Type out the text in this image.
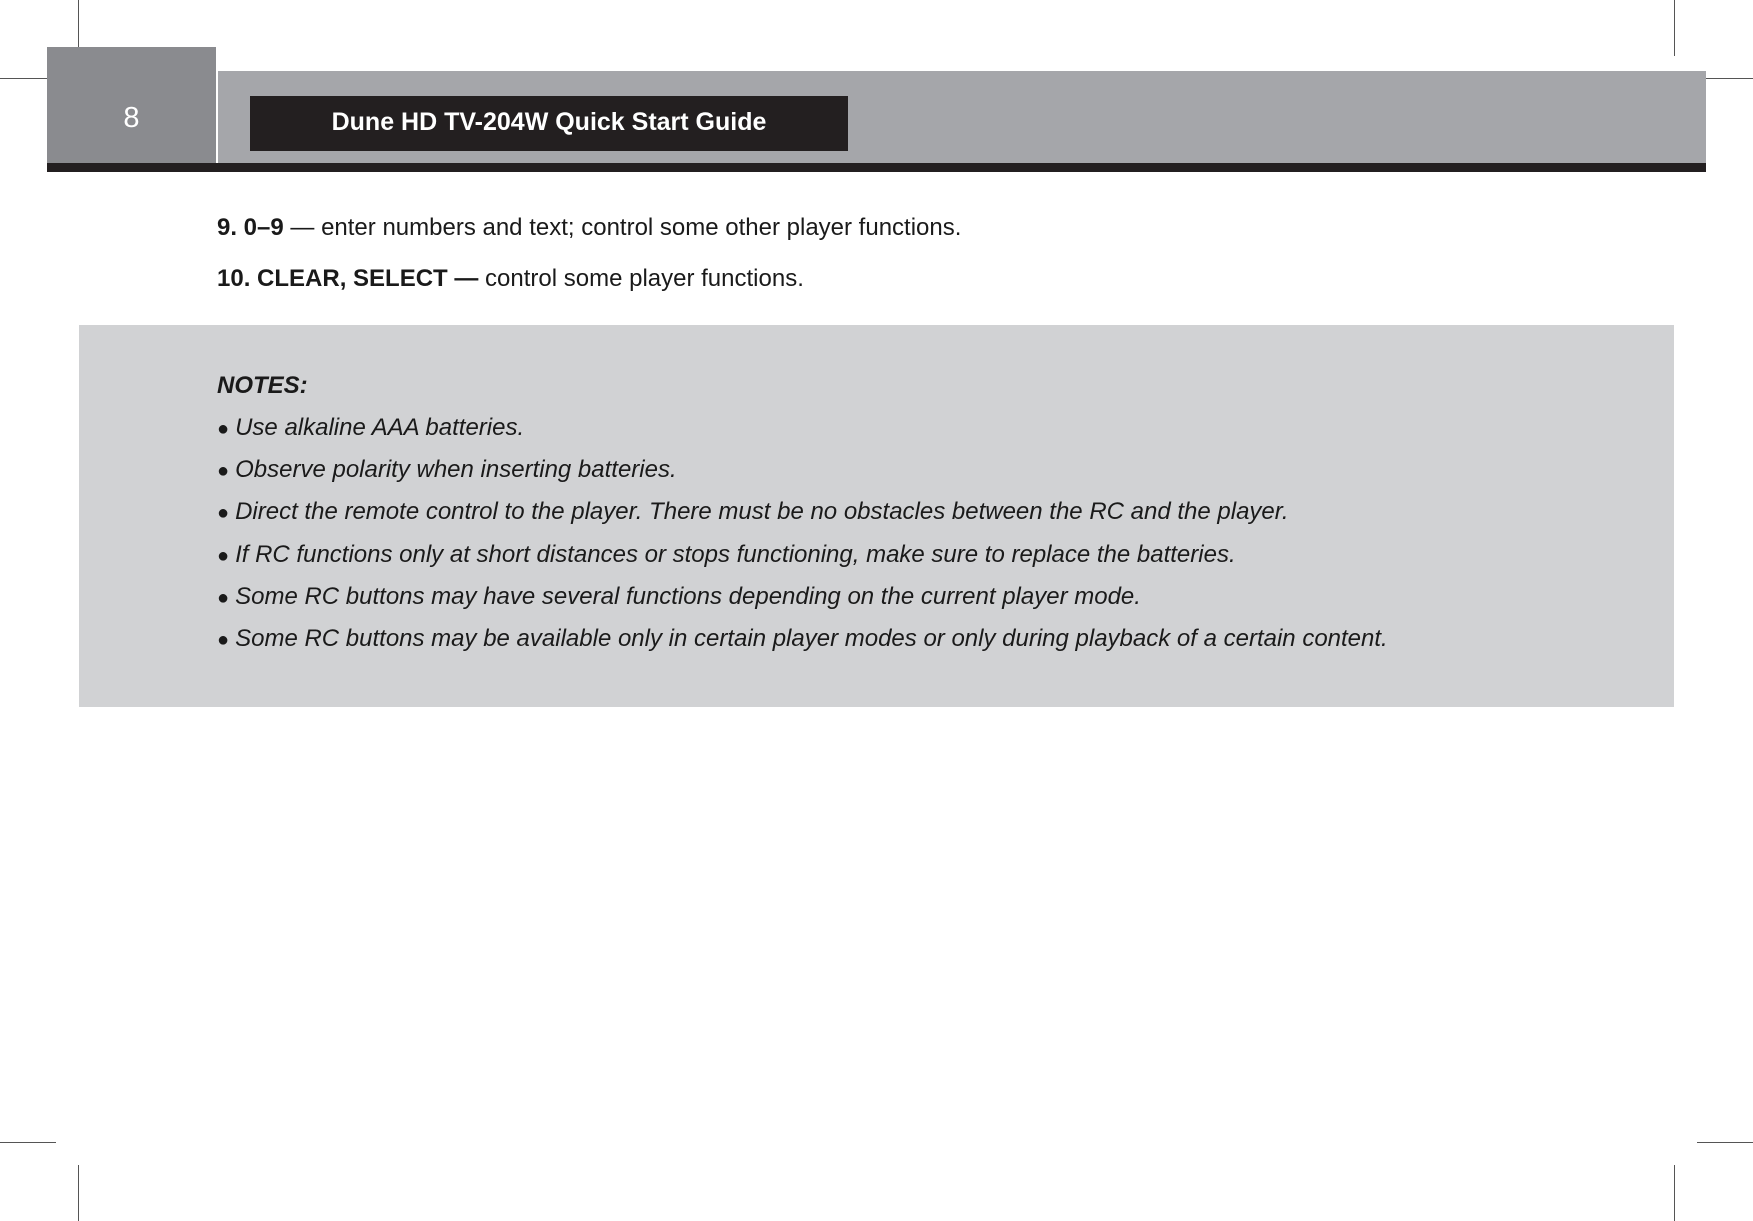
8	Dune HD TV-204W Quick Start Guide
9. 0–9 — enter numbers and text; control some other player functions.
10. CLEAR, SELECT — control some player functions.
NOTES:
● Use alkaline AAA batteries.
● Observe polarity when inserting batteries.
● Direct the remote control to the player. There must be no obstacles between the RC and the player.
● If RC functions only at short distances or stops functioning, make sure to replace the batteries.
● Some RC buttons may have several functions depending on the current player mode.
● Some RC buttons may be available only in certain player modes or only during playback of a certain content.
